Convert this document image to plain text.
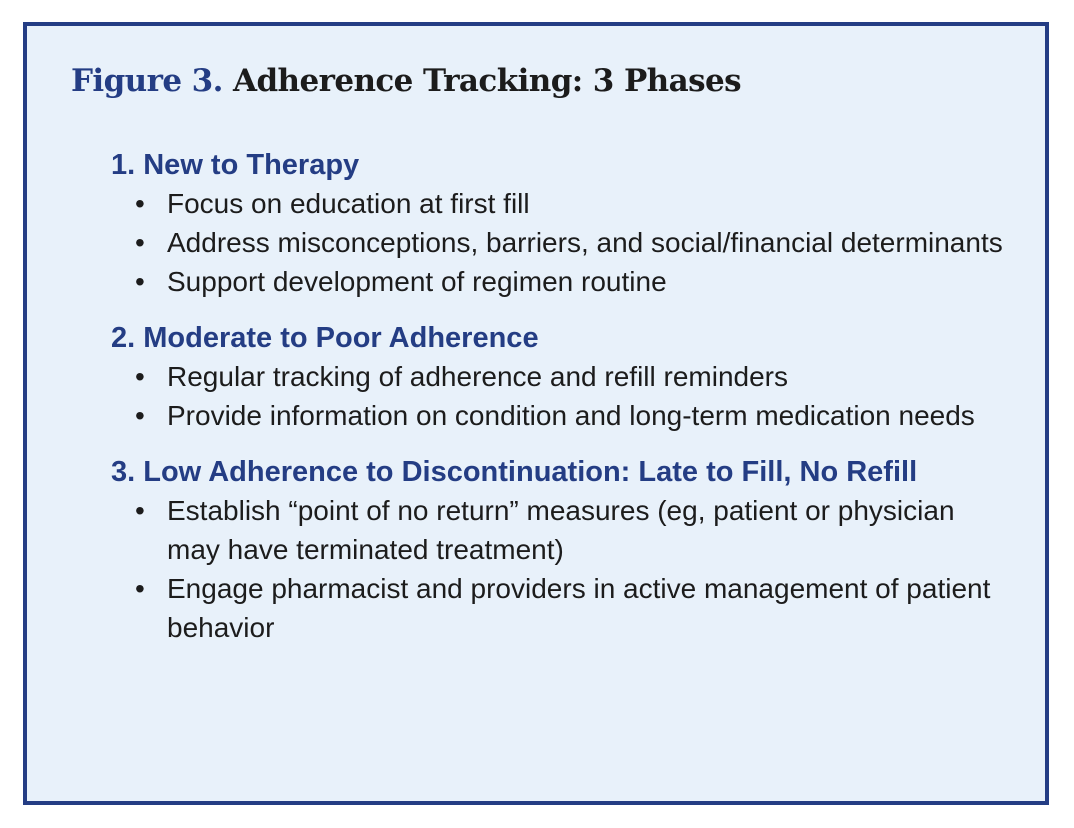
Figure 3. Adherence Tracking: 3 Phases
1. New to Therapy
• Focus on education at first fill
• Address misconceptions, barriers, and social/financial determinants
• Support development of regimen routine
2. Moderate to Poor Adherence
• Regular tracking of adherence and refill reminders
• Provide information on condition and long-term medication needs
3. Low Adherence to Discontinuation: Late to Fill, No Refill
• Establish “point of no return” measures (eg, patient or physician may have terminated treatment)
• Engage pharmacist and providers in active management of patient behavior
